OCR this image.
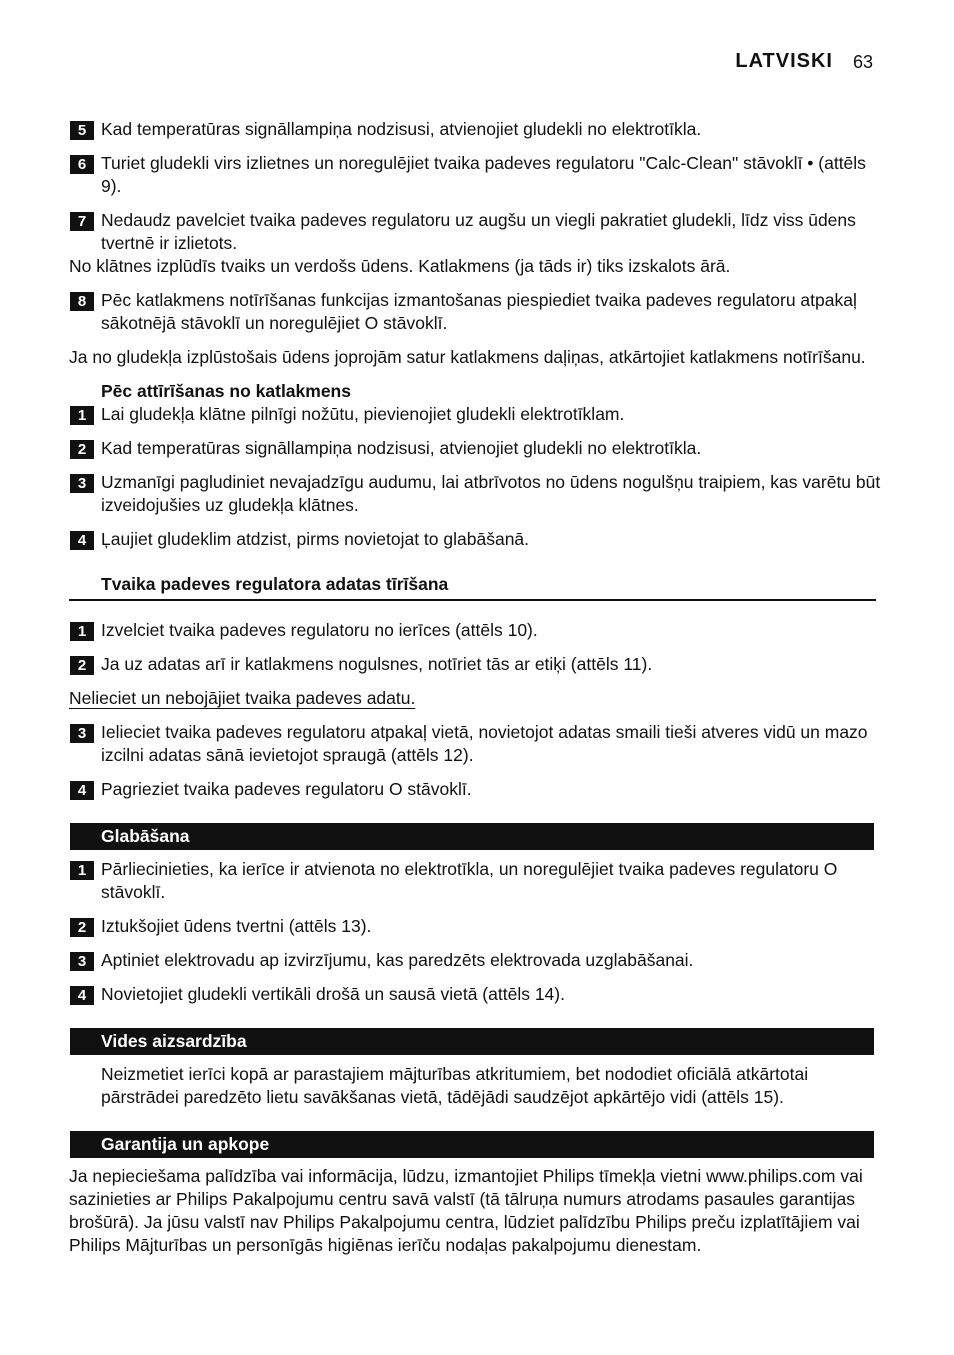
LATVISKI 63
5 Kad temperatūras signāllampiņa nodzisusi, atvienojiet gludekli no elektrotīkla.
6 Turiet gludekli virs izlietnes un noregulējiet tvaika padeves regulatoru "Calc-Clean" stāvoklī • (attēls 9).
7 Nedaudz pavelciet tvaika padeves regulatoru uz augšu un viegli pakratiet gludekli, līdz viss ūdens tvertnē ir izlietots.
No klātnes izplūdīs tvaiks un verdošs ūdens. Katlakmens (ja tāds ir) tiks izskalots ārā.
8 Pēc katlakmens notīrīšanas funkcijas izmantošanas piespiediet tvaika padeves regulatoru atpakaļ sākotnējā stāvoklī un noregulējiet O stāvoklī.
Ja no gludekļa izplūstošais ūdens joprojām satur katlakmens daļiņas, atkārtojiet katlakmens notīrīšanu.
Pēc attīrīšanas no katlakmens
1 Lai gludekļa klātne pilnīgi nožūtu, pievienojiet gludekli elektrotīklam.
2 Kad temperatūras signāllampiņa nodzisusi, atvienojiet gludekli no elektrotīkla.
3 Uzmanīgi pagludiniet nevajadzīgu audumu, lai atbrīvotos no ūdens nogulšņu traipiem, kas varētu būt izveidojušies uz gludekļa klātnes.
4 Ļaujiet gludeklim atdzist, pirms novietojat to glabāšanā.
Tvaika padeves regulatora adatas tīrīšana
1 Izvelciet tvaika padeves regulatoru no ierīces (attēls 10).
2 Ja uz adatas arī ir katlakmens nogulsnes, notīriet tās ar etiķi (attēls 11).
Nelieciet un nebojājiet tvaika padeves adatu.
3 Ielieciet tvaika padeves regulatoru atpakaļ vietā, novietojot adatas smaili tieši atveres vidū un mazo izcilni adatas sānā ievietojot spraugā (attēls 12).
4 Pagrieziet tvaika padeves regulatoru O stāvoklī.
Glabāšana
1 Pārliecinieties, ka ierīce ir atvienota no elektrotīkla, un noregulējiet tvaika padeves regulatoru O stāvoklī.
2 Iztukšojiet ūdens tvertni (attēls 13).
3 Aptiniet elektrovadu ap izvirzījumu, kas paredzēts elektrovada uzglabāšanai.
4 Novietojiet gludekli vertikāli drošā un sausā vietā (attēls 14).
Vides aizsardzība
Neizmetiet ierīci kopā ar parastajiem mājturības atkritumiem, bet nododiet oficiālā atkārtotai pārstrādei paredzēto lietu savākšanas vietā, tādējādi saudzējot apkārtējo vidi (attēls 15).
Garantija un apkope
Ja nepieciešama palīdzība vai informācija, lūdzu, izmantojiet Philips tīmekļa vietni www.philips.com vai sazinieties ar Philips Pakalpojumu centru savā valstī (tā tālruņa numurs atrodams pasaules garantijas brošūrā). Ja jūsu valstī nav Philips Pakalpojumu centra, lūdziet palīdzību Philips preču izplatītājiem vai Philips Mājturības un personīgās higiēnas ierīču nodaļas pakalpojumu dienestam.
